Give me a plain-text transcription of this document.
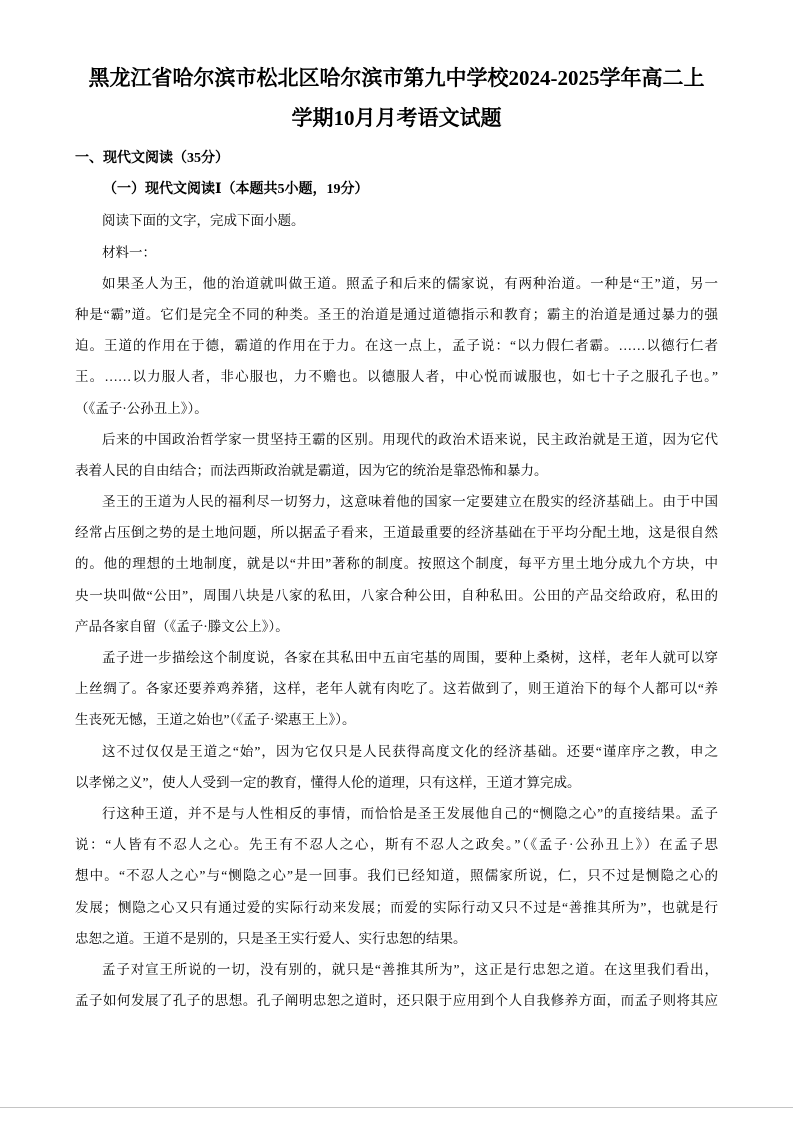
黑龙江省哈尔滨市松北区哈尔滨市第九中学校2024-2025学年高二上
学期10月月考语文试题
一、现代文阅读（35分）
（一）现代文阅读Ⅰ（本题共5小题，19分）
阅读下面的文字，完成下面小题。
材料一：
如果圣人为王，他的治道就叫做王道。照孟子和后来的儒家说，有两种治道。一种是“王”道，另一
种是“霸”道。它们是完全不同的种类。圣王的治道是通过道德指示和教育；霸主的治道是通过暴力的强
迫。王道的作用在于德，霸道的作用在于力。在这一点上，孟子说：“以力假仁者霸。……以德行仁者
王。……以力服人者，非心服也，力不赡也。以德服人者，中心悦而诚服也，如七十子之服孔子也。”
（《孟子·公孙丑上》）。
后来的中国政治哲学家一贯坚持王霸的区别。用现代的政治术语来说，民主政治就是王道，因为它代
表着人民的自由结合；而法西斯政治就是霸道，因为它的统治是靠恐怖和暴力。
圣王的王道为人民的福利尽一切努力，这意味着他的国家一定要建立在殷实的经济基础上。由于中国
经常占压倒之势的是土地问题，所以据孟子看来，王道最重要的经济基础在于平均分配土地，这是很自然
的。他的理想的土地制度，就是以“井田”著称的制度。按照这个制度，每平方里土地分成九个方块，中
央一块叫做“公田”，周围八块是八家的私田，八家合种公田，自种私田。公田的产品交给政府，私田的
产品各家自留（《孟子·滕文公上》）。
孟子进一步描绘这个制度说，各家在其私田中五亩宅基的周围，要种上桑树，这样，老年人就可以穿
上丝绸了。各家还要养鸡养猪，这样，老年人就有肉吃了。这若做到了，则王道治下的每个人都可以“养
生丧死无憾，王道之始也”（《孟子·梁惠王上》）。
这不过仅仅是王道之“始”，因为它仅只是人民获得高度文化的经济基础。还要“谨庠序之教，申之
以孝悌之义”，使人人受到一定的教育，懂得人伦的道理，只有这样，王道才算完成。
行这种王道，并不是与人性相反的事情，而恰恰是圣王发展他自己的“恻隐之心”的直接结果。孟子
说：“人皆有不忍人之心。先王有不忍人之心，斯有不忍人之政矣。”（《孟子·公孙丑上》）在孟子思
想中。“不忍人之心”与“恻隐之心”是一回事。我们已经知道，照儒家所说，仁，只不过是恻隐之心的
发展；恻隐之心又只有通过爱的实际行动来发展；而爱的实际行动又只不过是“善推其所为”，也就是行
忠恕之道。王道不是别的，只是圣王实行爱人、实行忠恕的结果。
孟子对宣王所说的一切，没有别的，就只是“善推其所为”，这正是行忠恕之道。在这里我们看出，
孟子如何发展了孔子的思想。孔子阐明忠恕之道时，还只限于应用到个人自我修养方面，而孟子则将其应
